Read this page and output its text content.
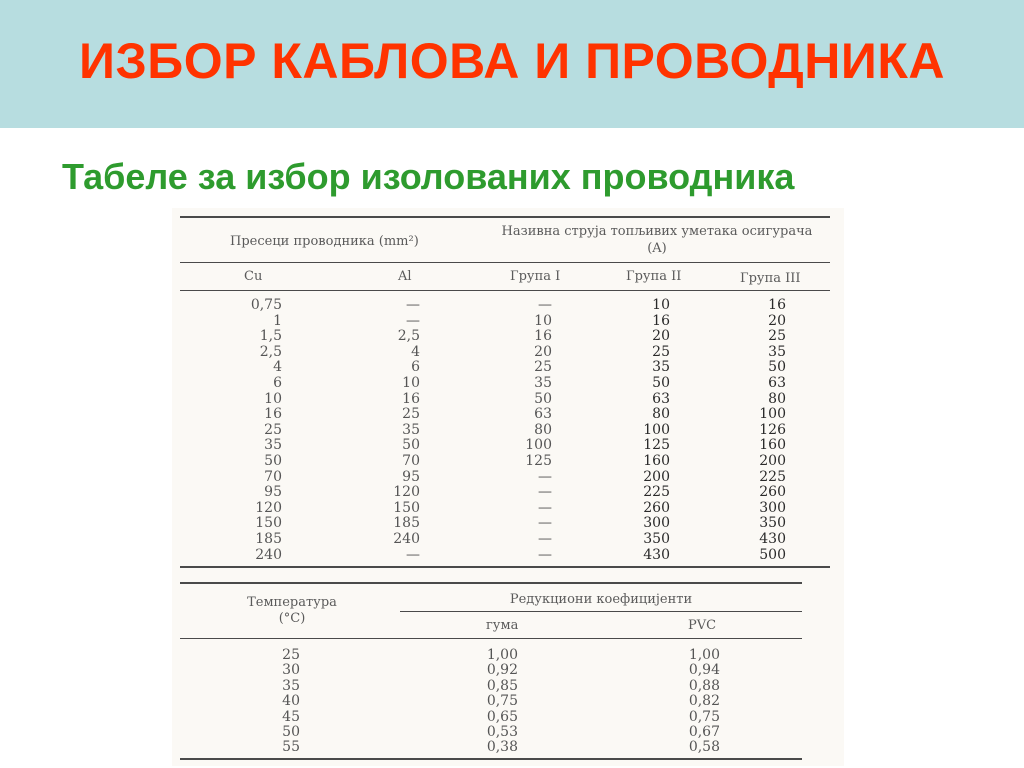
ИЗБОР КАБЛОВА И ПРОВОДНИКА
Табеле за избор изолованих проводника
Пресеци проводника (mm²)
Називна струја топљивих уметака осигурача
(A)
Cu	Al	Група I	Група II	Група III
0,75	—	—	10	16
1	—	10	16	20
1,5	2,5	16	20	25
2,5	4	20	25	35
4	6	25	35	50
6	10	35	50	63
10	16	50	63	80
16	25	63	80	100
25	35	80	100	126
35	50	100	125	160
50	70	125	160	200
70	95	—	200	225
95	120	—	225	260
120	150	—	260	300
150	185	—	300	350
185	240	—	350	430
240	—	—	430	500
Температура
(°C)
Редукциони коефицијенти
гума	PVC
25	1,00	1,00
30	0,92	0,94
35	0,85	0,88
40	0,75	0,82
45	0,65	0,75
50	0,53	0,67
55	0,38	0,58
